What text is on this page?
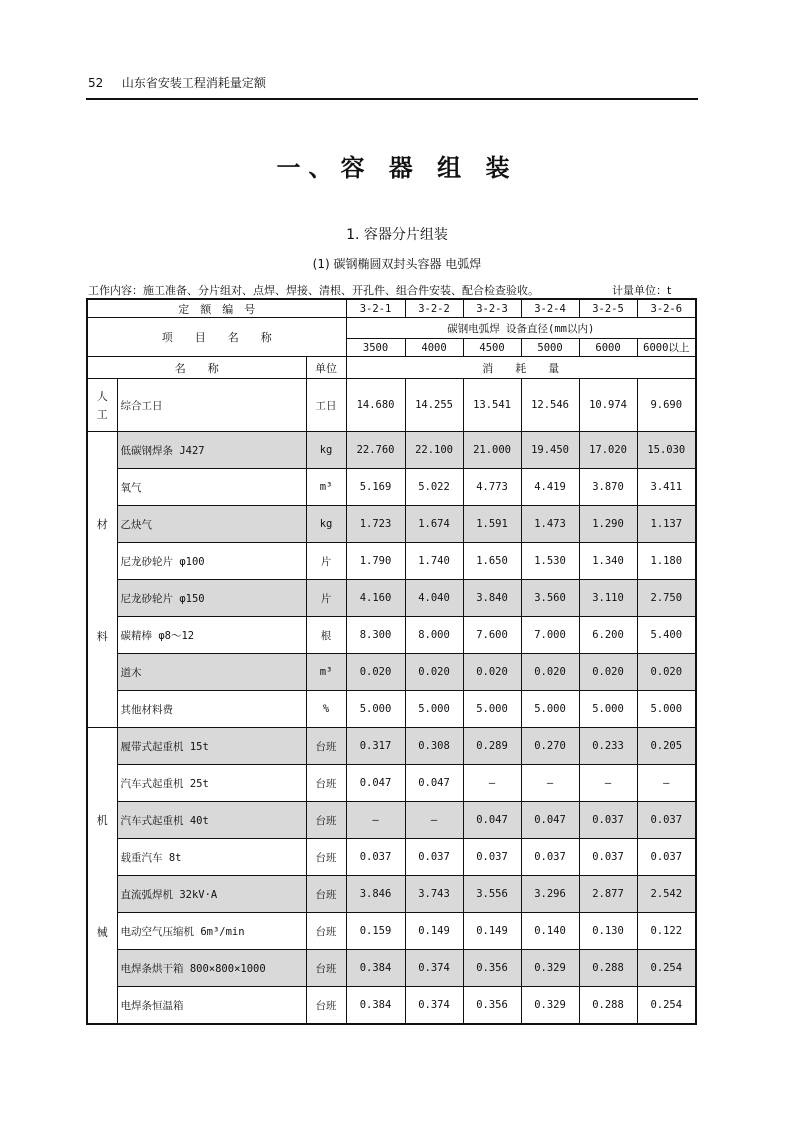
52 山东省安装工程消耗量定额
一、容 器 组 装
1. 容器分片组装
(1) 碳钢椭圆双封头容器 电弧焊
工作内容：施工准备、分片组对、点焊、焊接、清根、开孔件、组合件安装、配合检查验收。	计量单位：t
定　额　编　号			3-2-1	3-2-2	3-2-3	3-2-4	3-2-5	3-2-6
项　　目　　名　　称			碳钢电弧焊 设备直径(mm以内)					
			3500	4000	4500	5000	6000	6000以上
名　　称		单位	消　　耗　　量					

人
工	综合工日	工日	14.680	14.255	13.541	12.546	10.974	9.690

材
料	低碳钢焊条 J427	kg	22.760	22.100	21.000	19.450	17.020	15.030
	氧气	m³	5.169	5.022	4.773	4.419	3.870	3.411
	乙炔气	kg	1.723	1.674	1.591	1.473	1.290	1.137
	尼龙砂轮片 φ100	片	1.790	1.740	1.650	1.530	1.340	1.180
	尼龙砂轮片 φ150	片	4.160	4.040	3.840	3.560	3.110	2.750
	碳精棒 φ8～12	根	8.300	8.000	7.600	7.000	6.200	5.400
	道木	m³	0.020	0.020	0.020	0.020	0.020	0.020
	其他材料费	%	5.000	5.000	5.000	5.000	5.000	5.000

机
械	履带式起重机 15t	台班	0.317	0.308	0.289	0.270	0.233	0.205
	汽车式起重机 25t	台班	0.047	0.047	—	—	—	—
	汽车式起重机 40t	台班	—	—	0.047	0.047	0.037	0.037
	载重汽车 8t	台班	0.037	0.037	0.037	0.037	0.037	0.037
	直流弧焊机 32kV·A	台班	3.846	3.743	3.556	3.296	2.877	2.542
	电动空气压缩机 6m³/min	台班	0.159	0.149	0.149	0.140	0.130	0.122
	电焊条烘干箱 800×800×1000	台班	0.384	0.374	0.356	0.329	0.288	0.254
	电焊条恒温箱	台班	0.384	0.374	0.356	0.329	0.288	0.254
